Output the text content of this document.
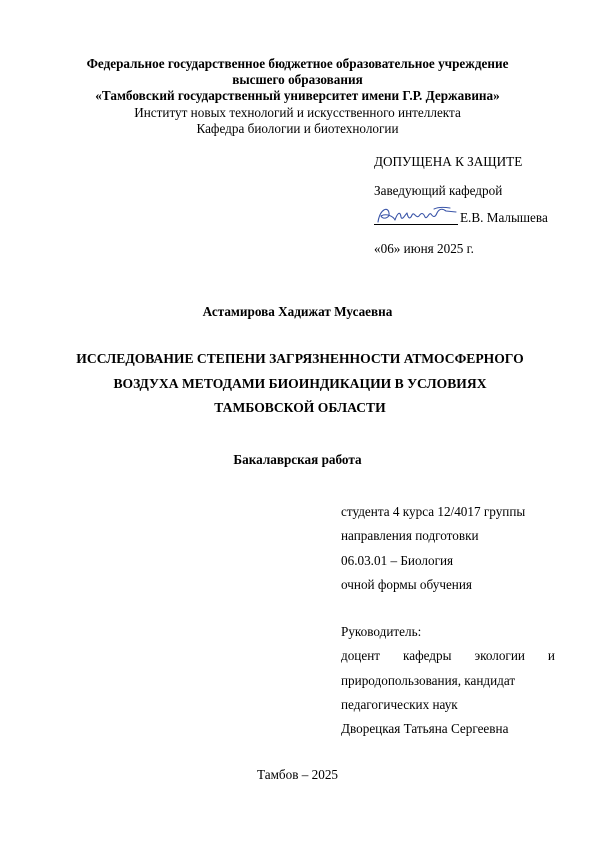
Федеральное государственное бюджетное образовательное учреждение
высшего образования
«Тамбовский государственный университет имени Г.Р. Державина»
Институт новых технологий и искусственного интеллекта
Кафедра биологии и биотехнологии
ДОПУЩЕНА К ЗАЩИТЕ
Заведующий кафедрой
Е.В. Малышева
«06» июня 2025 г.
Астамирова Хадижат Мусаевна
ИССЛЕДОВАНИЕ СТЕПЕНИ ЗАГРЯЗНЕННОСТИ АТМОСФЕРНОГО
ВОЗДУХА МЕТОДАМИ БИОИНДИКАЦИИ В УСЛОВИЯХ
ТАМБОВСКОЙ ОБЛАСТИ
Бакалаврская работа
студента 4 курса 12/4017 группы
направления подготовки
06.03.01 – Биология
очной формы обучения
Руководитель:
доцент кафедры экологии и
природопользования, кандидат
педагогических наук
Дворецкая Татьяна Сергеевна
Тамбов – 2025
